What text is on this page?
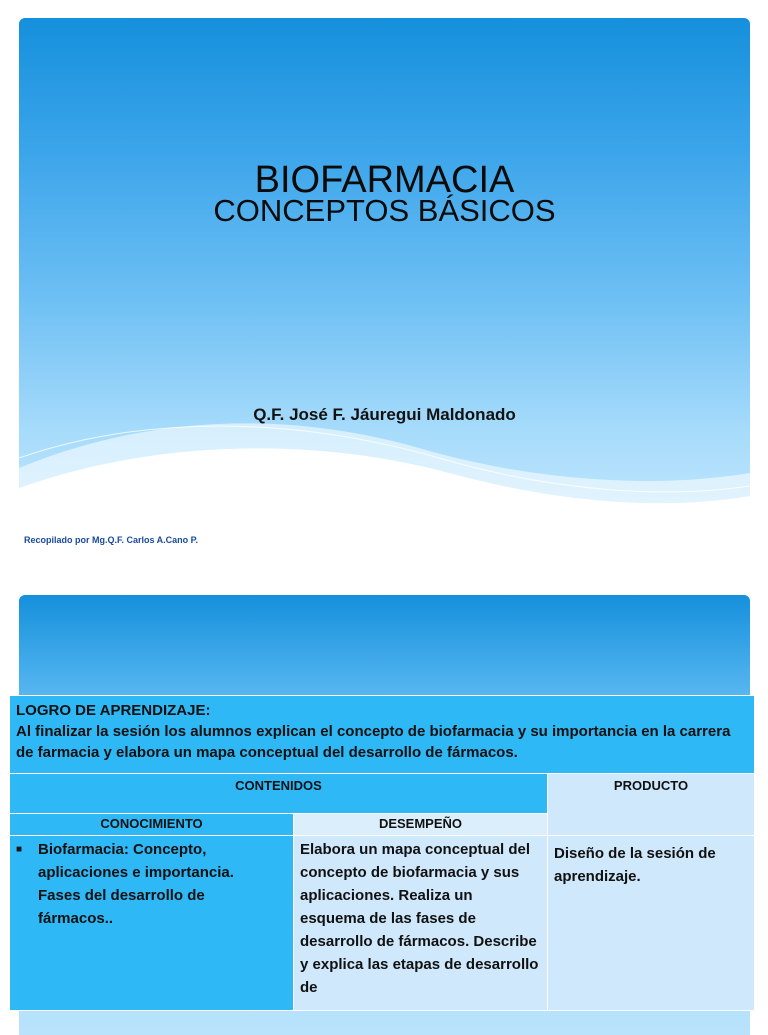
BIOFARMACIA
CONCEPTOS BÁSICOS
Q.F. José F. Jáuregui Maldonado
Recopilado por Mg.Q.F. Carlos A.Cano P.
LOGRO DE APRENDIZAJE:
Al finalizar la sesión los alumnos explican el concepto de biofarmacia y su importancia en la carrera de farmacia y elabora un mapa conceptual del desarrollo de fármacos.		

CONTENIDOS		PRODUCTO
CONOCIMIENTO	DESEMPEÑO	
■ Biofarmacia: Concepto, aplicaciones e importancia. Fases del desarrollo de fármacos..	Elabora un mapa conceptual del concepto de biofarmacia y sus aplicaciones. Realiza un esquema de las fases de desarrollo de fármacos. Describe y explica las etapas de desarrollo de	Diseño de la sesión de aprendizaje.
